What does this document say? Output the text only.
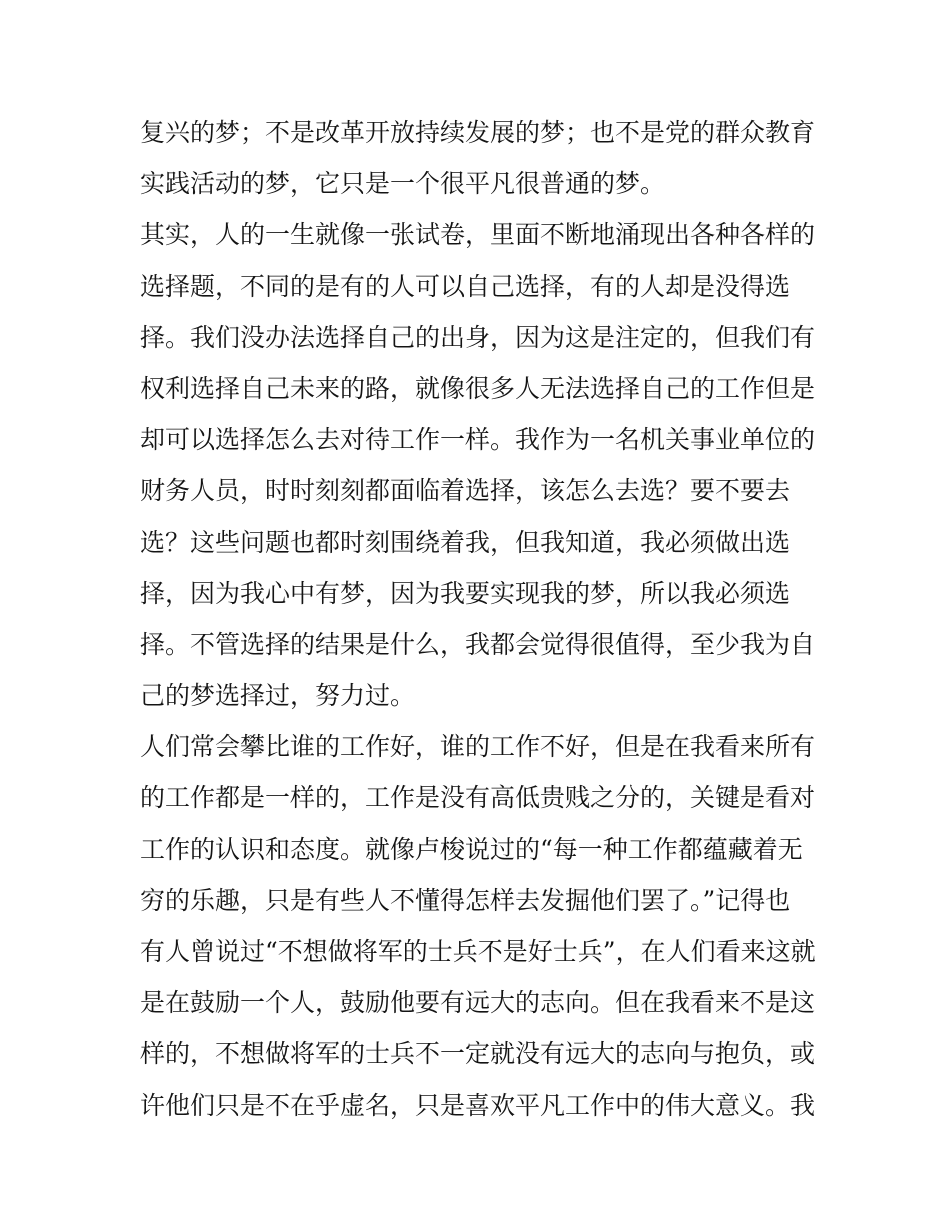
复兴的梦；不是改革开放持续发展的梦；也不是党的群众教育
实践活动的梦，它只是一个很平凡很普通的梦。
其实，人的一生就像一张试卷，里面不断地涌现出各种各样的
选择题，不同的是有的人可以自己选择，有的人却是没得选
择。我们没办法选择自己的出身，因为这是注定的，但我们有
权利选择自己未来的路，就像很多人无法选择自己的工作但是
却可以选择怎么去对待工作一样。我作为一名机关事业单位的
财务人员，时时刻刻都面临着选择，该怎么去选？要不要去
选？这些问题也都时刻围绕着我，但我知道，我必须做出选
择，因为我心中有梦，因为我要实现我的梦，所以我必须选
择。不管选择的结果是什么，我都会觉得很值得，至少我为自
己的梦选择过，努力过。
人们常会攀比谁的工作好，谁的工作不好，但是在我看来所有
的工作都是一样的，工作是没有高低贵贱之分的，关键是看对
工作的认识和态度。就像卢梭说过的“每一种工作都蕴藏着无
穷的乐趣，只是有些人不懂得怎样去发掘他们罢了。”记得也
有人曾说过“不想做将军的士兵不是好士兵”，在人们看来这就
是在鼓励一个人，鼓励他要有远大的志向。但在我看来不是这
样的，不想做将军的士兵不一定就没有远大的志向与抱负，或
许他们只是不在乎虚名，只是喜欢平凡工作中的伟大意义。我
